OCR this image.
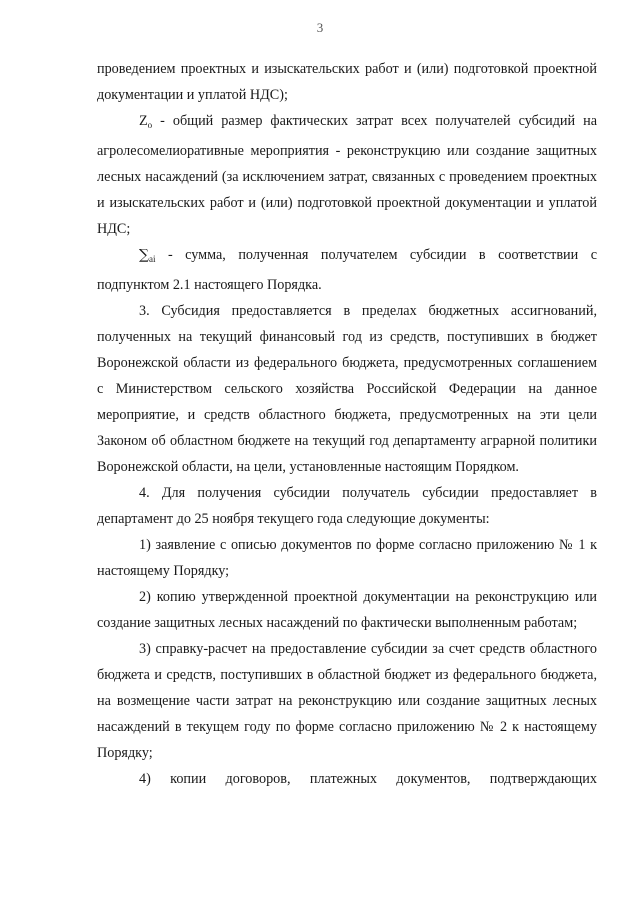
3

проведением проектных и изыскательских работ и (или) подготовкой проектной документации и уплатой НДС);

$Z_o$ - общий размер фактических затрат всех получателей субсидий на агролесомелиоративные мероприятия - реконструкцию или создание защитных лесных насаждений (за исключением затрат, связанных с проведением проектных и изыскательских работ и (или) подготовкой проектной документации и уплатой НДС;

$\sum_{ai}$ - сумма, полученная получателем субсидии в соответствии с подпунктом 2.1 настоящего Порядка.

3. Субсидия предоставляется в пределах бюджетных ассигнований, полученных на текущий финансовый год из средств, поступивших в бюджет Воронежской области из федерального бюджета, предусмотренных соглашением с Министерством сельского хозяйства Российской Федерации на данное мероприятие, и средств областного бюджета, предусмотренных на эти цели Законом об областном бюджете на текущий год департаменту аграрной политики Воронежской области, на цели, установленные настоящим Порядком.

4. Для получения субсидии получатель субсидии предоставляет в департамент до 25 ноября текущего года следующие документы:

1) заявление с описью документов по форме согласно приложению № 1 к настоящему Порядку;

2) копию утвержденной проектной документации на реконструкцию или создание защитных лесных насаждений по фактически выполненным работам;

3) справку-расчет на предоставление субсидии за счет средств областного бюджета и средств, поступивших в областной бюджет из федерального бюджета, на возмещение части затрат на реконструкцию или создание защитных лесных насаждений в текущем году по форме согласно приложению № 2 к настоящему Порядку;

4) копии договоров, платежных документов, подтверждающих
